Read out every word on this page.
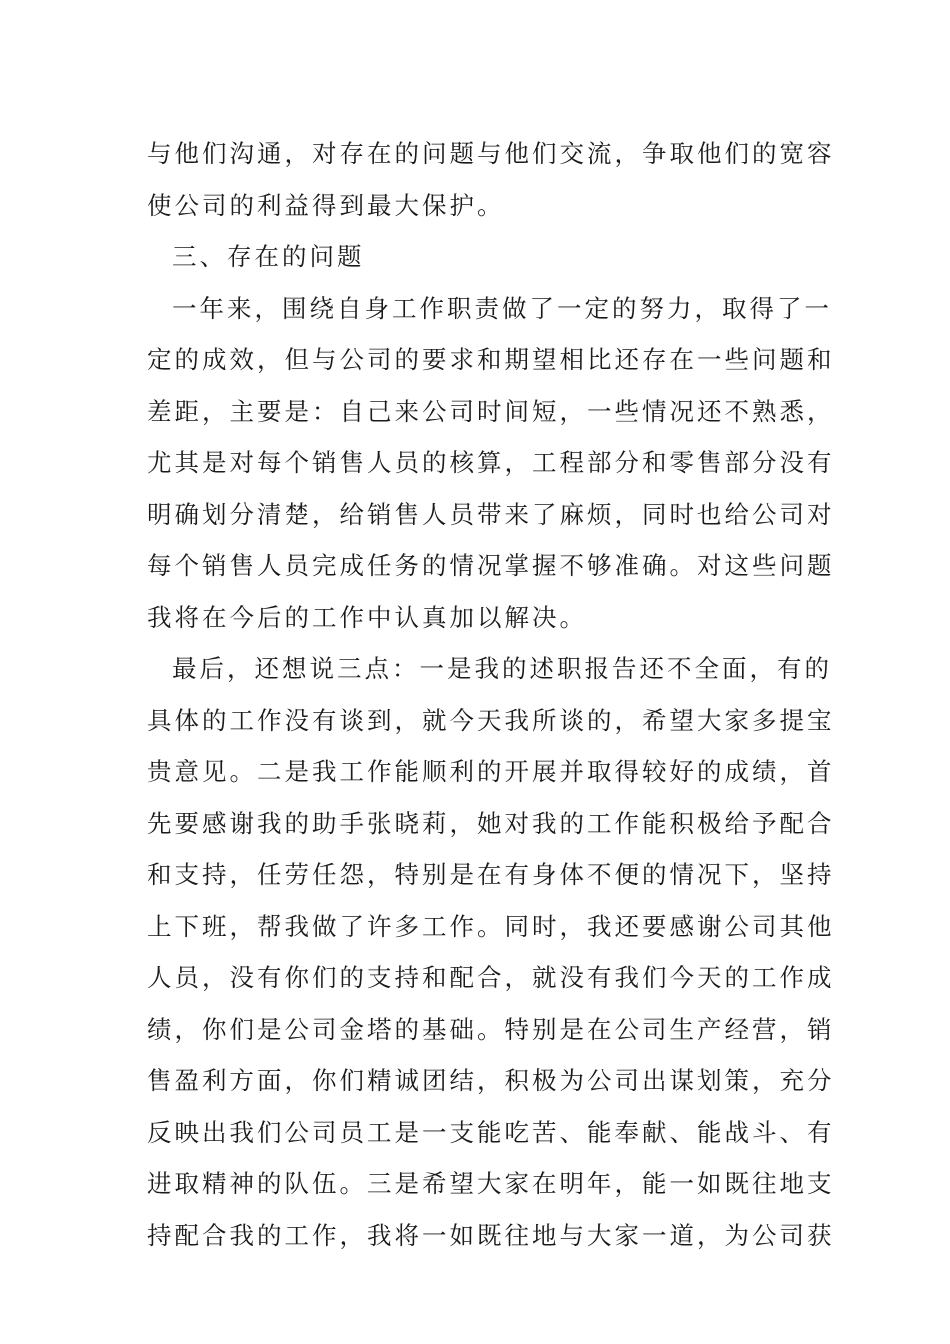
与他们沟通，对存在的问题与他们交流，争取他们的宽容
使公司的利益得到最大保护。
三、存在的问题
一年来，围绕自身工作职责做了一定的努力，取得了一
定的成效，但与公司的要求和期望相比还存在一些问题和
差距，主要是：自己来公司时间短，一些情况还不熟悉，
尤其是对每个销售人员的核算，工程部分和零售部分没有
明确划分清楚，给销售人员带来了麻烦，同时也给公司对
每个销售人员完成任务的情况掌握不够准确。对这些问题
我将在今后的工作中认真加以解决。
最后，还想说三点：一是我的述职报告还不全面，有的
具体的工作没有谈到，就今天我所谈的，希望大家多提宝
贵意见。二是我工作能顺利的开展并取得较好的成绩，首
先要感谢我的助手张晓莉，她对我的工作能积极给予配合
和支持，任劳任怨，特别是在有身体不便的情况下，坚持
上下班，帮我做了许多工作。同时，我还要感谢公司其他
人员，没有你们的支持和配合，就没有我们今天的工作成
绩，你们是公司金塔的基础。特别是在公司生产经营，销
售盈利方面，你们精诚团结，积极为公司出谋划策，充分
反映出我们公司员工是一支能吃苦、能奉献、能战斗、有
进取精神的队伍。三是希望大家在明年，能一如既往地支
持配合我的工作，我将一如既往地与大家一道，为公司获
